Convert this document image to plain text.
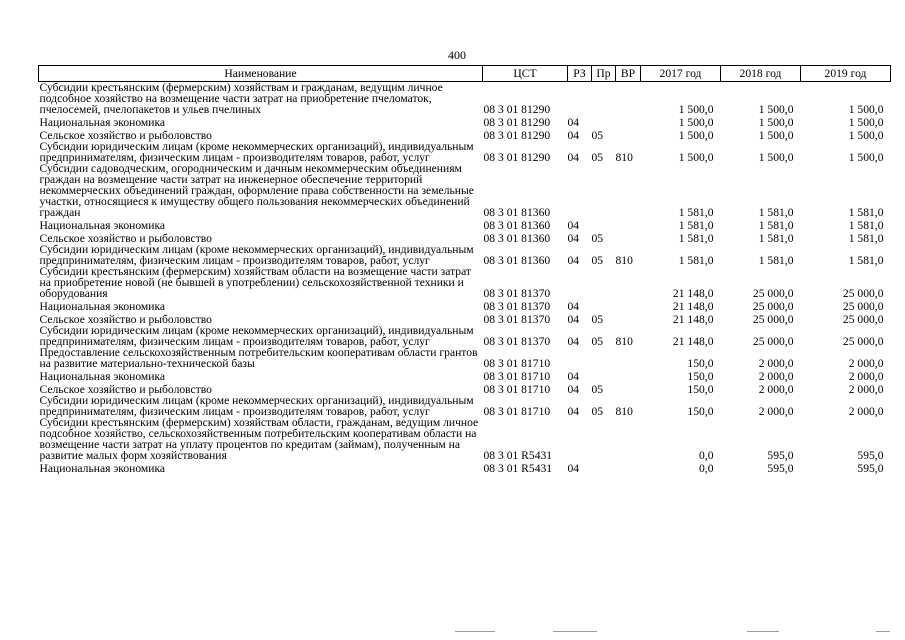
400
Наименование	ЦСТ	РЗ	Пр	ВР	2017 год	2018 год	2019 год
Субсидии крестьянским (фермерским) хозяйствам и гражданам, ведущим личное подсобное хозяйство на возмещение части затрат на приобретение пчеломаток, пчелосемей, пчелопакетов и ульев пчелиных	08 3 01 81290				1 500,0	1 500,0	1 500,0
Национальная экономика	08 3 01 81290	04			1 500,0	1 500,0	1 500,0
Сельское хозяйство и рыболовство	08 3 01 81290	04	05		1 500,0	1 500,0	1 500,0
Субсидии юридическим лицам (кроме некоммерческих организаций), индивидуальным предпринимателям, физическим лицам - производителям товаров, работ, услуг	08 3 01 81290	04	05	810	1 500,0	1 500,0	1 500,0
Субсидии садоводческим, огородническим и дачным некоммерческим объединениям граждан на возмещение части затрат на инженерное обеспечение территорий некоммерческих объединений граждан, оформление права собственности на земельные участки, относящиеся к имуществу общего пользования некоммерческих объединений граждан	08 3 01 81360				1 581,0	1 581,0	1 581,0
Национальная экономика	08 3 01 81360	04			1 581,0	1 581,0	1 581,0
Сельское хозяйство и рыболовство	08 3 01 81360	04	05		1 581,0	1 581,0	1 581,0
Субсидии юридическим лицам (кроме некоммерческих организаций), индивидуальным предпринимателям, физическим лицам - производителям товаров, работ, услуг	08 3 01 81360	04	05	810	1 581,0	1 581,0	1 581,0
Субсидии крестьянским (фермерским) хозяйствам области на возмещение части затрат на приобретение новой (не бывшей в употреблении) сельскохозяйственной техники и оборудования	08 3 01 81370				21 148,0	25 000,0	25 000,0
Национальная экономика	08 3 01 81370	04			21 148,0	25 000,0	25 000,0
Сельское хозяйство и рыболовство	08 3 01 81370	04	05		21 148,0	25 000,0	25 000,0
Субсидии юридическим лицам (кроме некоммерческих организаций), индивидуальным предпринимателям, физическим лицам - производителям товаров, работ, услуг	08 3 01 81370	04	05	810	21 148,0	25 000,0	25 000,0
Предоставление сельскохозяйственным потребительским кооперативам области грантов на развитие материально-технической базы	08 3 01 81710				150,0	2 000,0	2 000,0
Национальная экономика	08 3 01 81710	04			150,0	2 000,0	2 000,0
Сельское хозяйство и рыболовство	08 3 01 81710	04	05		150,0	2 000,0	2 000,0
Субсидии юридическим лицам (кроме некоммерческих организаций), индивидуальным предпринимателям, физическим лицам - производителям товаров, работ, услуг	08 3 01 81710	04	05	810	150,0	2 000,0	2 000,0
Субсидии крестьянским (фермерским) хозяйствам области, гражданам, ведущим личное подсобное хозяйство, сельскохозяйственным потребительским кооперативам области на возмещение части затрат на уплату процентов по кредитам (займам), полученным на развитие малых форм хозяйствования	08 3 01 R5431				0,0	595,0	595,0
Национальная экономика	08 3 01 R5431	04			0,0	595,0	595,0
